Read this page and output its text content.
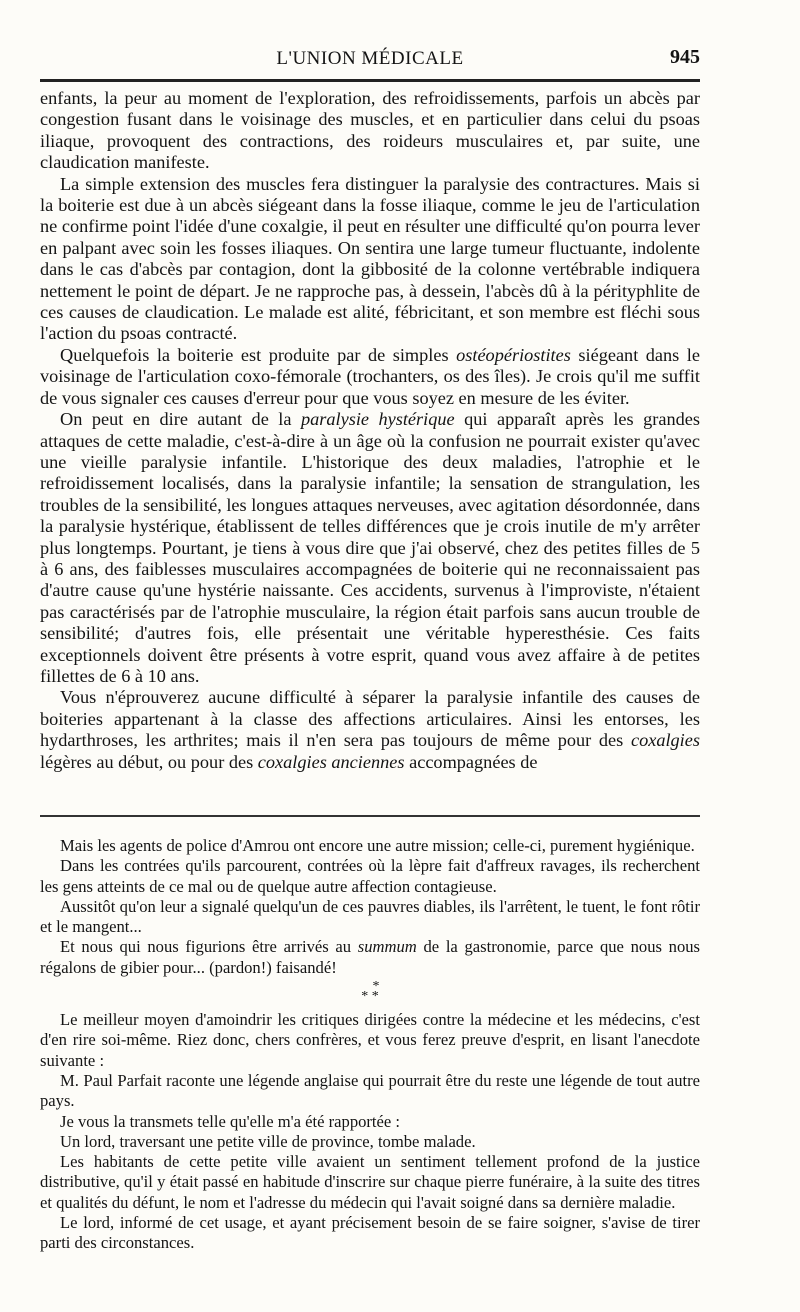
L'UNION MÉDICALE	945

enfants, la peur au moment de l'exploration, des refroidissements, parfois un abcès par congestion fusant dans le voisinage des muscles, et en particulier dans celui du psoas iliaque, provoquent des contractions, des roideurs musculaires et, par suite, une claudication manifeste.

La simple extension des muscles fera distinguer la paralysie des contractures. Mais si la boiterie est due à un abcès siégeant dans la fosse iliaque, comme le jeu de l'articulation ne confirme point l'idée d'une coxalgie, il peut en résulter une difficulté qu'on pourra lever en palpant avec soin les fosses iliaques. On sentira une large tumeur fluctuante, indolente dans le cas d'abcès par contagion, dont la gibbosité de la colonne vertébrable indiquera nettement le point de départ. Je ne rapproche pas, à dessein, l'abcès dû à la pérityphlite de ces causes de claudication. Le malade est alité, fébricitant, et son membre est fléchi sous l'action du psoas contracté.

Quelquefois la boiterie est produite par de simples ostéopériostites siégeant dans le voisinage de l'articulation coxo-fémorale (trochanters, os des îles). Je crois qu'il me suffit de vous signaler ces causes d'erreur pour que vous soyez en mesure de les éviter.

On peut en dire autant de la paralysie hystérique qui apparaît après les grandes attaques de cette maladie, c'est-à-dire à un âge où la confusion ne pourrait exister qu'avec une vieille paralysie infantile. L'historique des deux maladies, l'atrophie et le refroidissement localisés, dans la paralysie infantile; la sensation de strangulation, les troubles de la sensibilité, les longues attaques nerveuses, avec agitation désordonnée, dans la paralysie hystérique, établissent de telles différences que je crois inutile de m'y arrêter plus longtemps. Pourtant, je tiens à vous dire que j'ai observé, chez des petites filles de 5 à 6 ans, des faiblesses musculaires accompagnées de boiterie qui ne reconnaissaient pas d'autre cause qu'une hystérie naissante. Ces accidents, survenus à l'improviste, n'étaient pas caractérisés par de l'atrophie musculaire, la région était parfois sans aucun trouble de sensibilité; d'autres fois, elle présentait une véritable hyperesthésie. Ces faits exceptionnels doivent être présents à votre esprit, quand vous avez affaire à de petites fillettes de 6 à 10 ans.

Vous n'éprouverez aucune difficulté à séparer la paralysie infantile des causes de boiteries appartenant à la classe des affections articulaires. Ainsi les entorses, les hydarthroses, les arthrites; mais il n'en sera pas toujours de même pour des coxalgies légères au début, ou pour des coxalgies anciennes accompagnées de

Mais les agents de police d'Amrou ont encore une autre mission; celle-ci, purement hygiénique.

Dans les contrées qu'ils parcourent, contrées où la lèpre fait d'affreux ravages, ils recherchent les gens atteints de ce mal ou de quelque autre affection contagieuse.

Aussitôt qu'on leur a signalé quelqu'un de ces pauvres diables, ils l'arrêtent, le tuent, le font rôtir et le mangent...

Et nous qui nous figurions être arrivés au summum de la gastronomie, parce que nous nous régalons de gibier pour... (pardon!) faisandé!

*
* *

Le meilleur moyen d'amoindrir les critiques dirigées contre la médecine et les médecins, c'est d'en rire soi-même. Riez donc, chers confrères, et vous ferez preuve d'esprit, en lisant l'anecdote suivante :

M. Paul Parfait raconte une légende anglaise qui pourrait être du reste une légende de tout autre pays.

Je vous la transmets telle qu'elle m'a été rapportée :

Un lord, traversant une petite ville de province, tombe malade.

Les habitants de cette petite ville avaient un sentiment tellement profond de la justice distributive, qu'il y était passé en habitude d'inscrire sur chaque pierre funéraire, à la suite des titres et qualités du défunt, le nom et l'adresse du médecin qui l'avait soigné dans sa dernière maladie.

Le lord, informé de cet usage, et ayant précisement besoin de se faire soigner, s'avise de tirer parti des circonstances.
